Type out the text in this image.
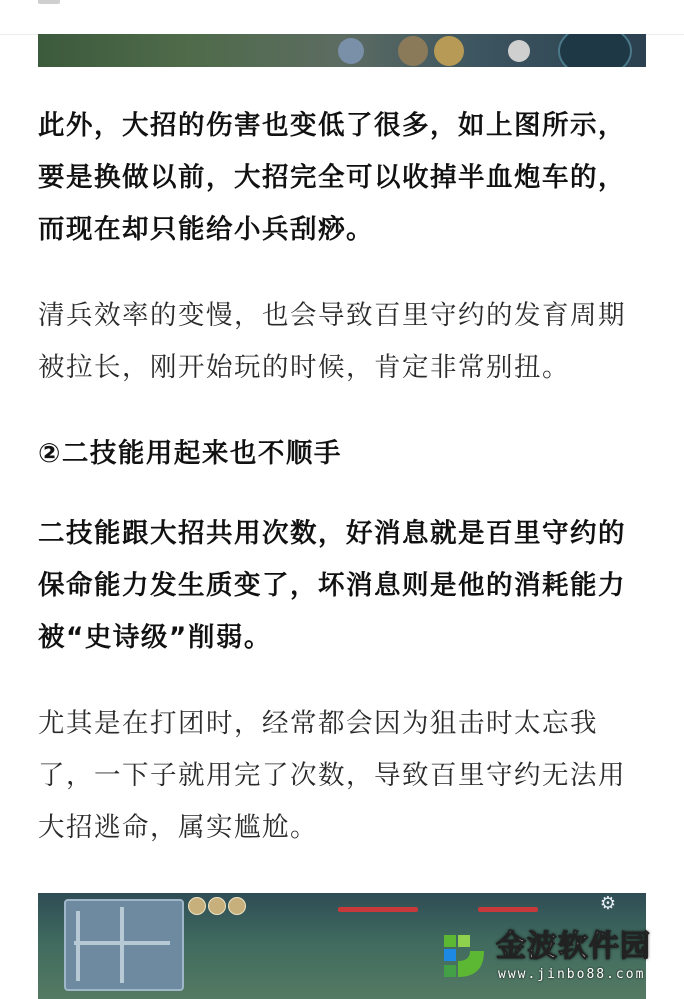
此外，大招的伤害也变低了很多，如上图所示，要是换做以前，大招完全可以收掉半血炮车的，而现在却只能给小兵刮痧。

清兵效率的变慢，也会导致百里守约的发育周期被拉长，刚开始玩的时候，肯定非常别扭。

②二技能用起来也不顺手

二技能跟大招共用次数，好消息就是百里守约的保命能力发生质变了，坏消息则是他的消耗能力被“史诗级”削弱。

尤其是在打团时，经常都会因为狙击时太忘我了，一下子就用完了次数，导致百里守约无法用大招逃命，属实尴尬。

⚙
金波软件园
www.jinbo88.com
